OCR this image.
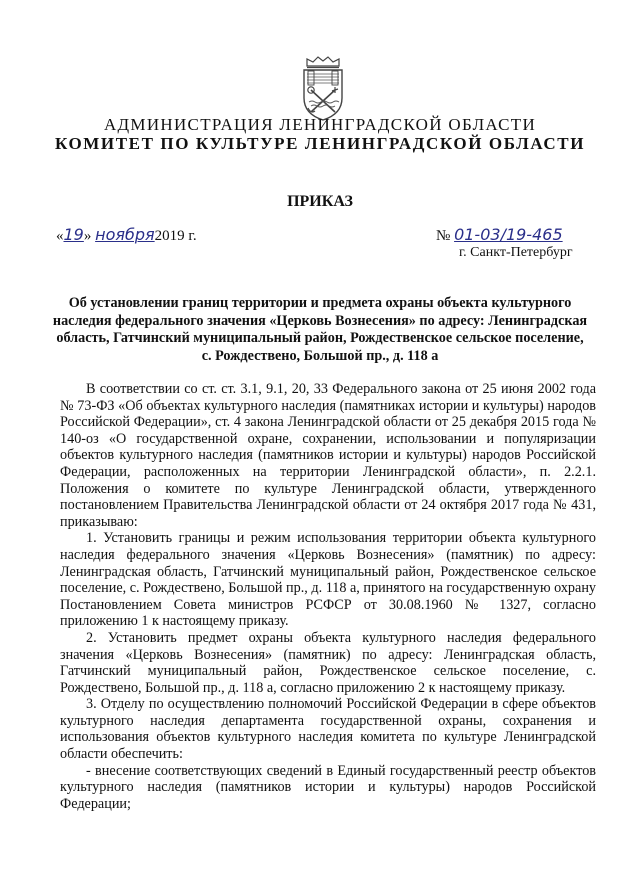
АДМИНИСТРАЦИЯ ЛЕНИНГРАДСКОЙ ОБЛАСТИ
КОМИТЕТ ПО КУЛЬТУРЕ ЛЕНИНГРАДСКОЙ ОБЛАСТИ
ПРИКАЗ
«19» ноября2019 г.	№ 01-03/19-465
г. Санкт-Петербург
Об установлении границ территории и предмета охраны объекта культурного наследия федерального значения «Церковь Вознесения» по адресу: Ленинградская область, Гатчинский муниципальный район, Рождественское сельское поселение, с. Рождествено, Большой пр., д. 118 а

В соответствии со ст. ст. 3.1, 9.1, 20, 33 Федерального закона от 25 июня 2002 года № 73-ФЗ «Об объектах культурного наследия (памятниках истории и культуры) народов Российской Федерации», ст. 4 закона Ленинградской области от 25 декабря 2015 года № 140-оз «О государственной охране, сохранении, использовании и популяризации объектов культурного наследия (памятников истории и культуры) народов Российской Федерации, расположенных на территории Ленинградской области», п. 2.2.1. Положения о комитете по культуре Ленинградской области, утвержденного постановлением Правительства Ленинградской области от 24 октября 2017 года № 431, приказываю:

1. Установить границы и режим использования территории объекта культурного наследия федерального значения «Церковь Вознесения» (памятник) по адресу: Ленинградская область, Гатчинский муниципальный район, Рождественское сельское поселение, с. Рождествено, Большой пр., д. 118 а, принятого на государственную охрану Постановлением Совета министров РСФСР от 30.08.1960 № 1327, согласно приложению 1 к настоящему приказу.

2. Установить предмет охраны объекта культурного наследия федерального значения «Церковь Вознесения» (памятник) по адресу: Ленинградская область, Гатчинский муниципальный район, Рождественское сельское поселение, с. Рождествено, Большой пр., д. 118 а, согласно приложению 2 к настоящему приказу.

3. Отделу по осуществлению полномочий Российской Федерации в сфере объектов культурного наследия департамента государственной охраны, сохранения и использования объектов культурного наследия комитета по культуре Ленинградской области обеспечить:

- внесение соответствующих сведений в Единый государственный реестр объектов культурного наследия (памятников истории и культуры) народов Российской Федерации;
